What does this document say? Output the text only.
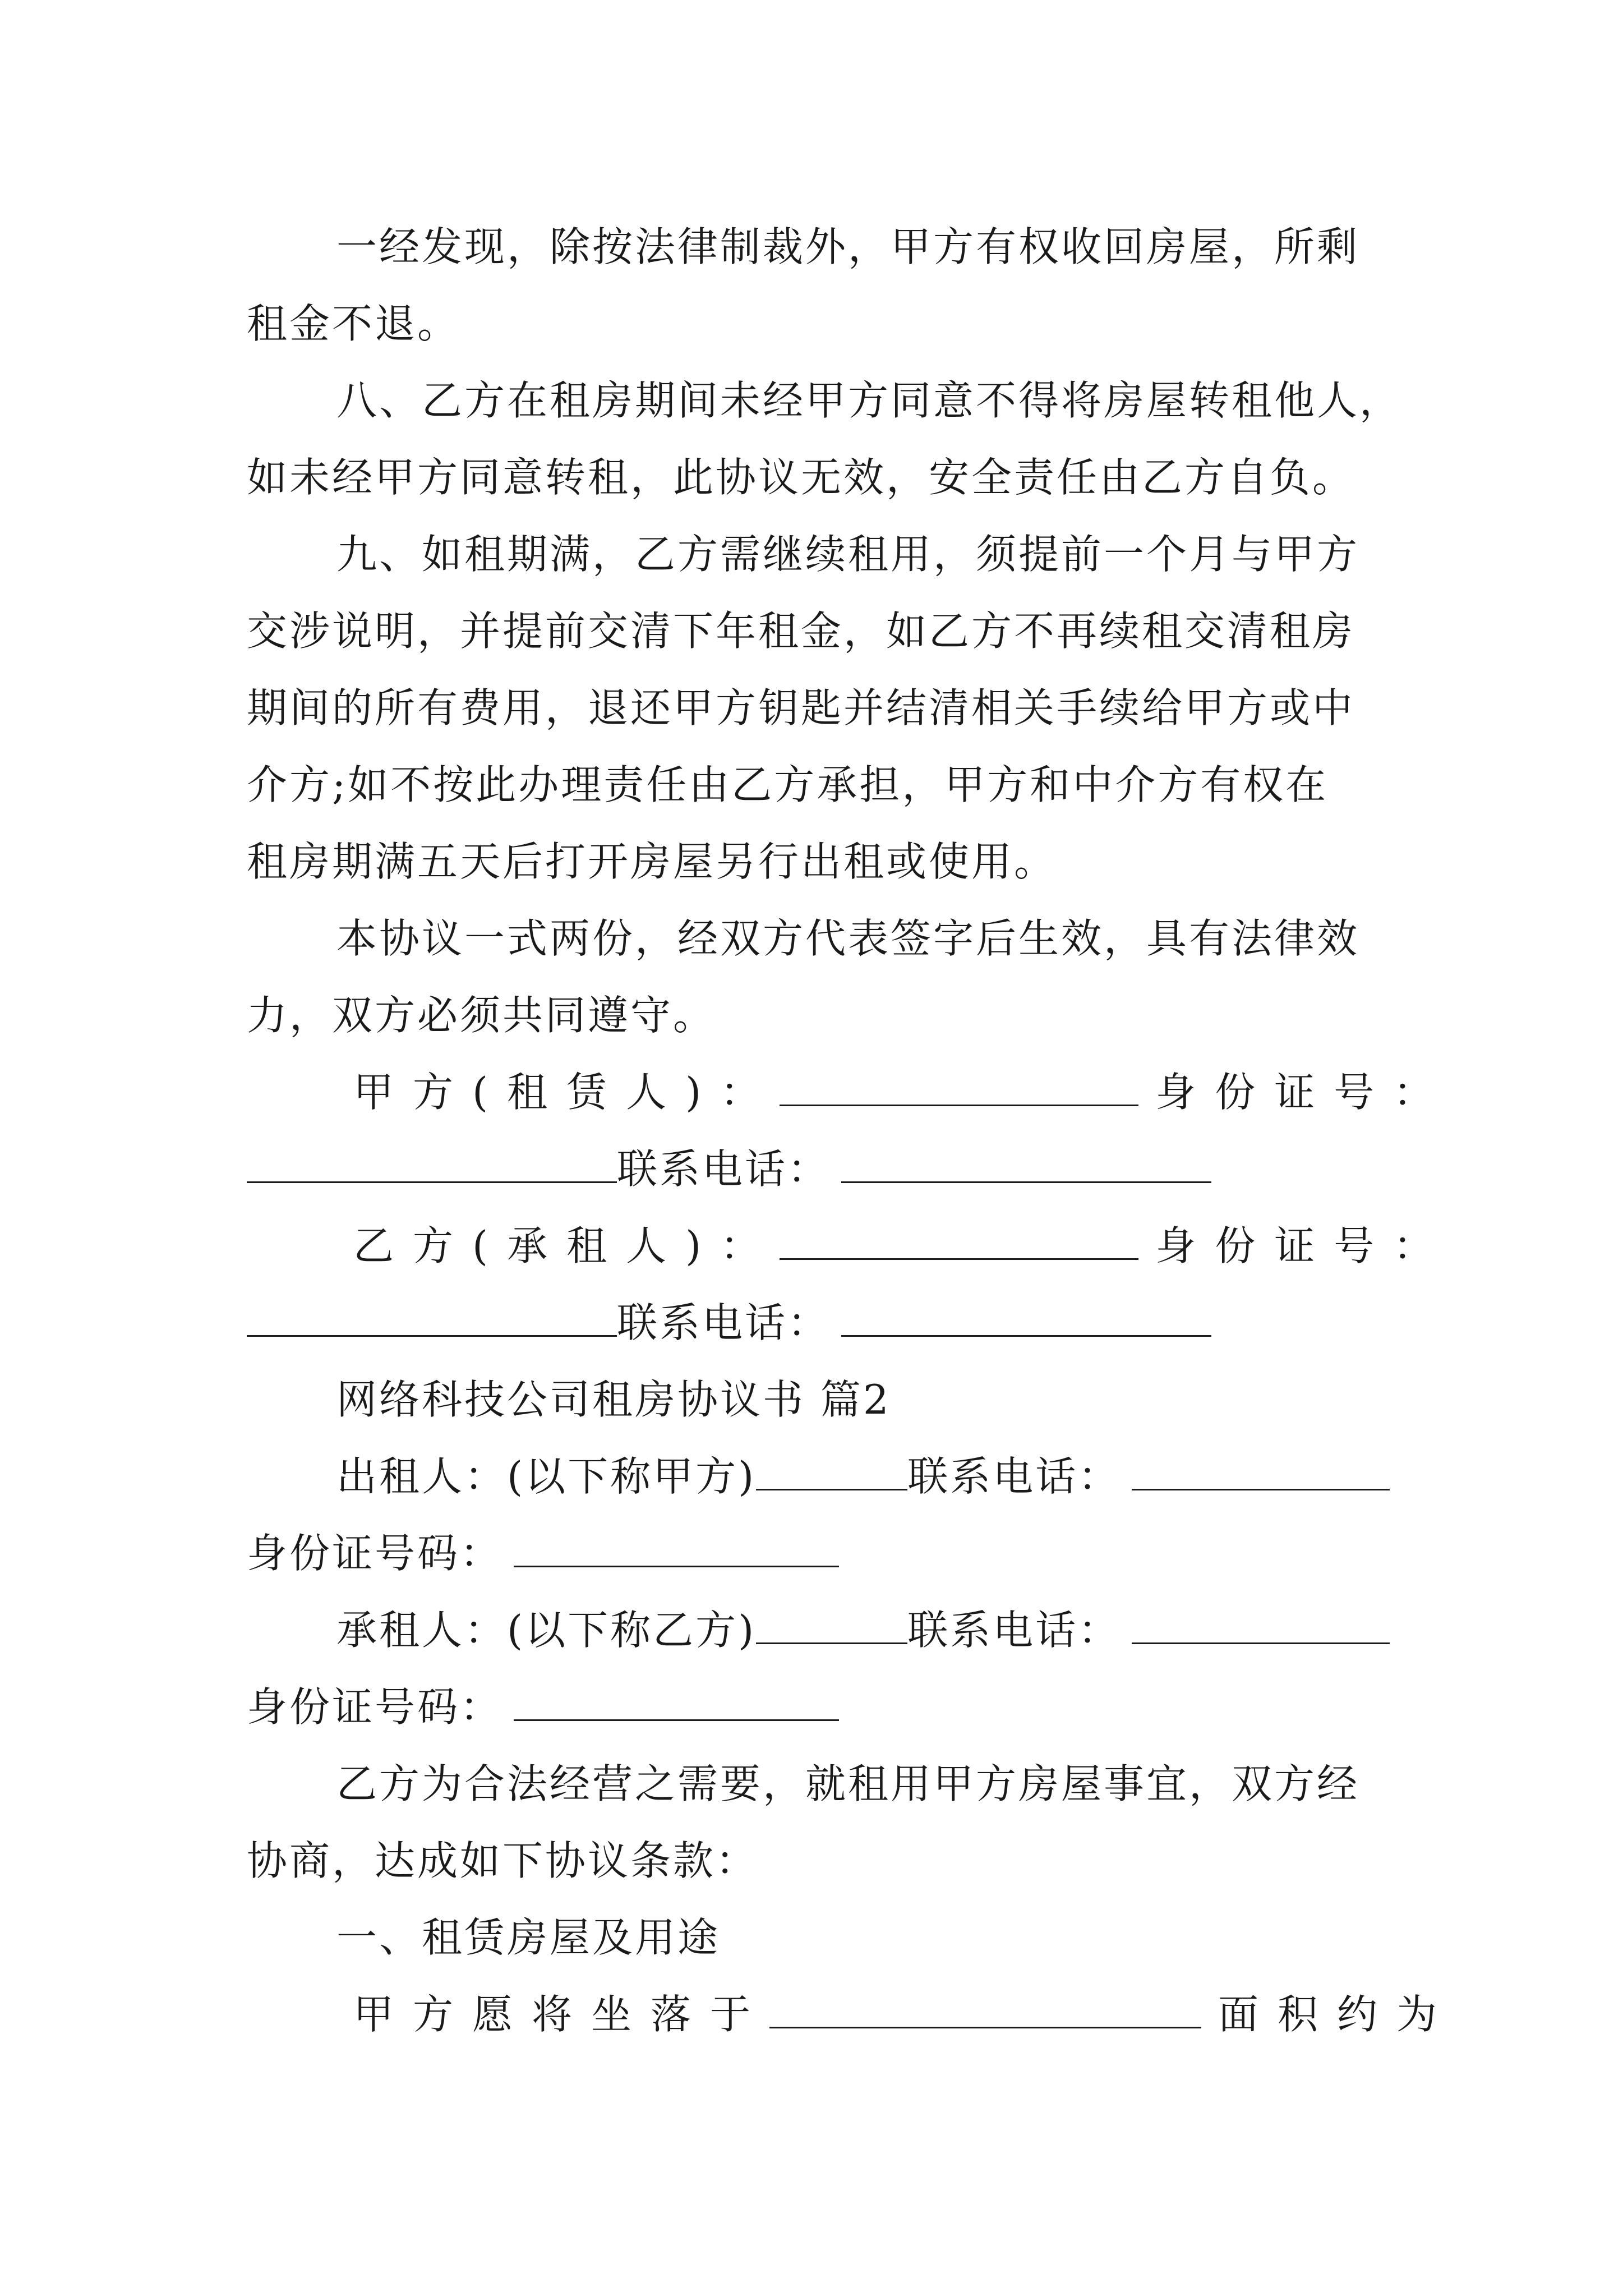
一经发现，除按法律制裁外，甲方有权收回房屋，所剩
租金不退。
八、乙方在租房期间未经甲方同意不得将房屋转租他人，
如未经甲方同意转租，此协议无效，安全责任由乙方自负。
九、如租期满，乙方需继续租用，须提前一个月与甲方
交涉说明，并提前交清下年租金，如乙方不再续租交清租房
期间的所有费用，退还甲方钥匙并结清相关手续给甲方或中
介方;如不按此办理责任由乙方承担，甲方和中介方有权在
租房期满五天后打开房屋另行出租或使用。
本协议一式两份，经双方代表签字后生效，具有法律效
力，双方必须共同遵守。
甲方(租赁人)：	身份证号：
联系电话：
乙方(承租人)：	身份证号：
联系电话：
网络科技公司租房协议书 篇2
出租人：(以下称甲方)	联系电话：
身份证号码：
承租人：(以下称乙方)	联系电话：
身份证号码：
乙方为合法经营之需要，就租用甲方房屋事宜，双方经
协商，达成如下协议条款：
一、租赁房屋及用途
甲方愿将坐落于	面积约为
